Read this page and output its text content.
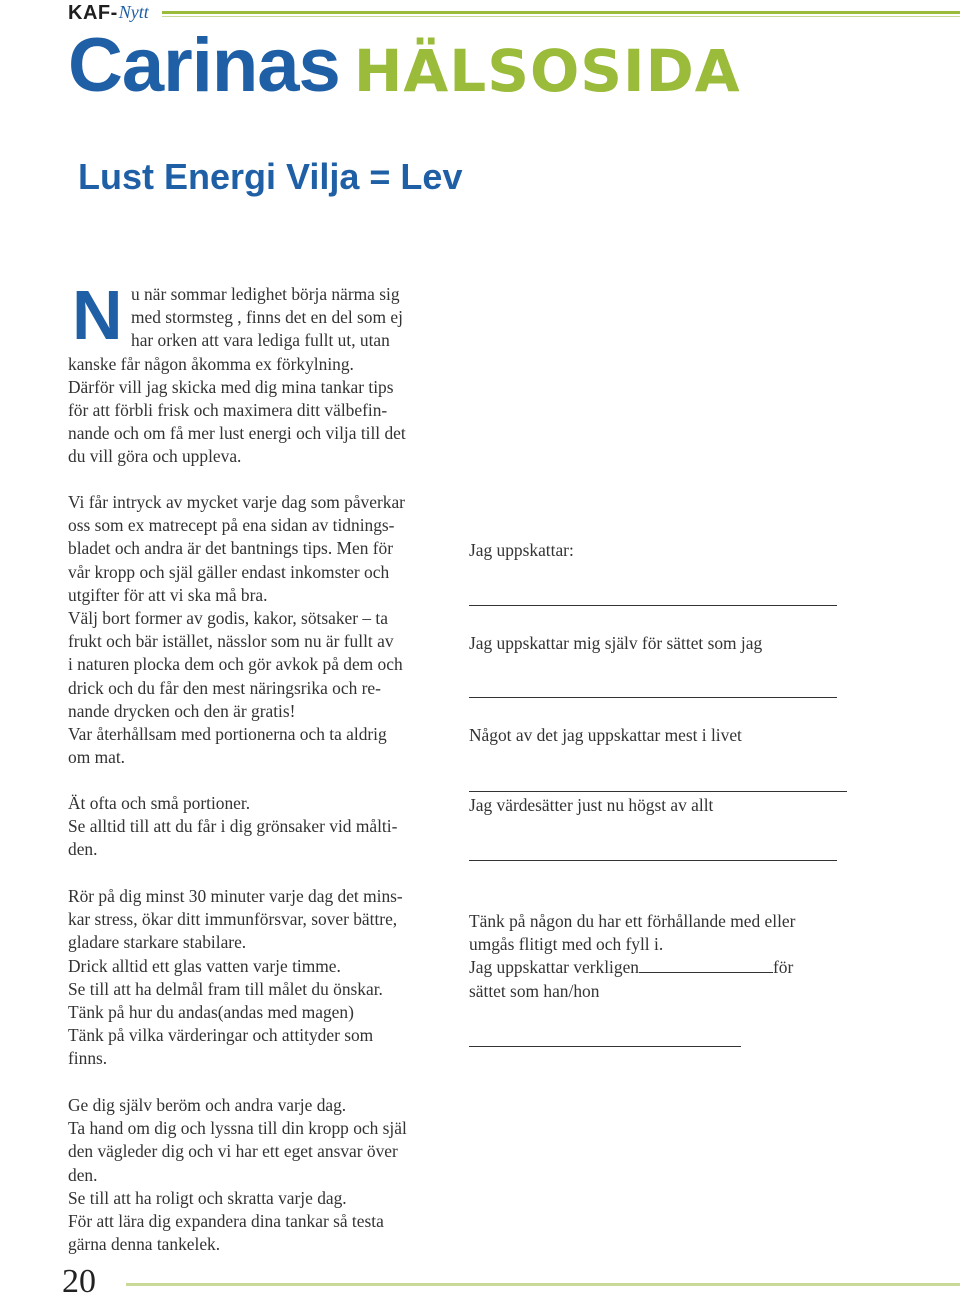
KAF- Nytt
Carinas HÄLSOSIDA
Lust Energi Vilja = Lev
N u när sommar ledighet börja närma sig
med stormsteg , finns det en del som ej
har orken att vara lediga fullt ut, utan
kanske får någon åkomma ex förkylning.
Därför vill jag skicka med dig mina tankar tips
för att förbli frisk och maximera ditt välbefin-
nande och om få mer lust energi och vilja till det
du vill göra och uppleva.
Vi får intryck av mycket varje dag som påverkar
oss som ex matrecept på ena sidan av tidnings-
bladet och andra är det bantnings tips. Men för
vår kropp och själ gäller endast inkomster och
utgifter för att vi ska må bra.
Välj bort former av godis, kakor, sötsaker – ta
frukt och bär istället, nässlor som nu är fullt av
i naturen plocka dem och gör avkok på dem och
drick och du får den mest näringsrika och re-
nande drycken och den är gratis!
Var återhållsam med portionerna och ta aldrig
om mat.
Ät ofta och små portioner.
Se alltid till att du får i dig grönsaker vid målti-
den.
Rör på dig minst 30 minuter varje dag det mins-
kar stress, ökar ditt immunförsvar, sover bättre,
gladare starkare stabilare.
Drick alltid ett glas vatten varje timme.
Se till att ha delmål fram till målet du önskar.
Tänk på hur du andas(andas med magen)
Tänk på vilka värderingar och attityder som
finns.
Ge dig själv beröm och andra varje dag.
Ta hand om dig och lyssna till din kropp och själ
den vägleder dig och vi har ett eget ansvar över
den.
Se till att ha roligt och skratta varje dag.
För att lära dig expandera dina tankar så testa
gärna denna tankelek.
Jag uppskattar:
Jag uppskattar mig själv för sättet som jag
Något av det jag uppskattar mest i livet
Jag värdesätter just nu högst av allt
Tänk på någon du har ett förhållande med eller
umgås flitigt med och fyll i.
Jag uppskattar verkligen	för
sättet som han/hon
20
